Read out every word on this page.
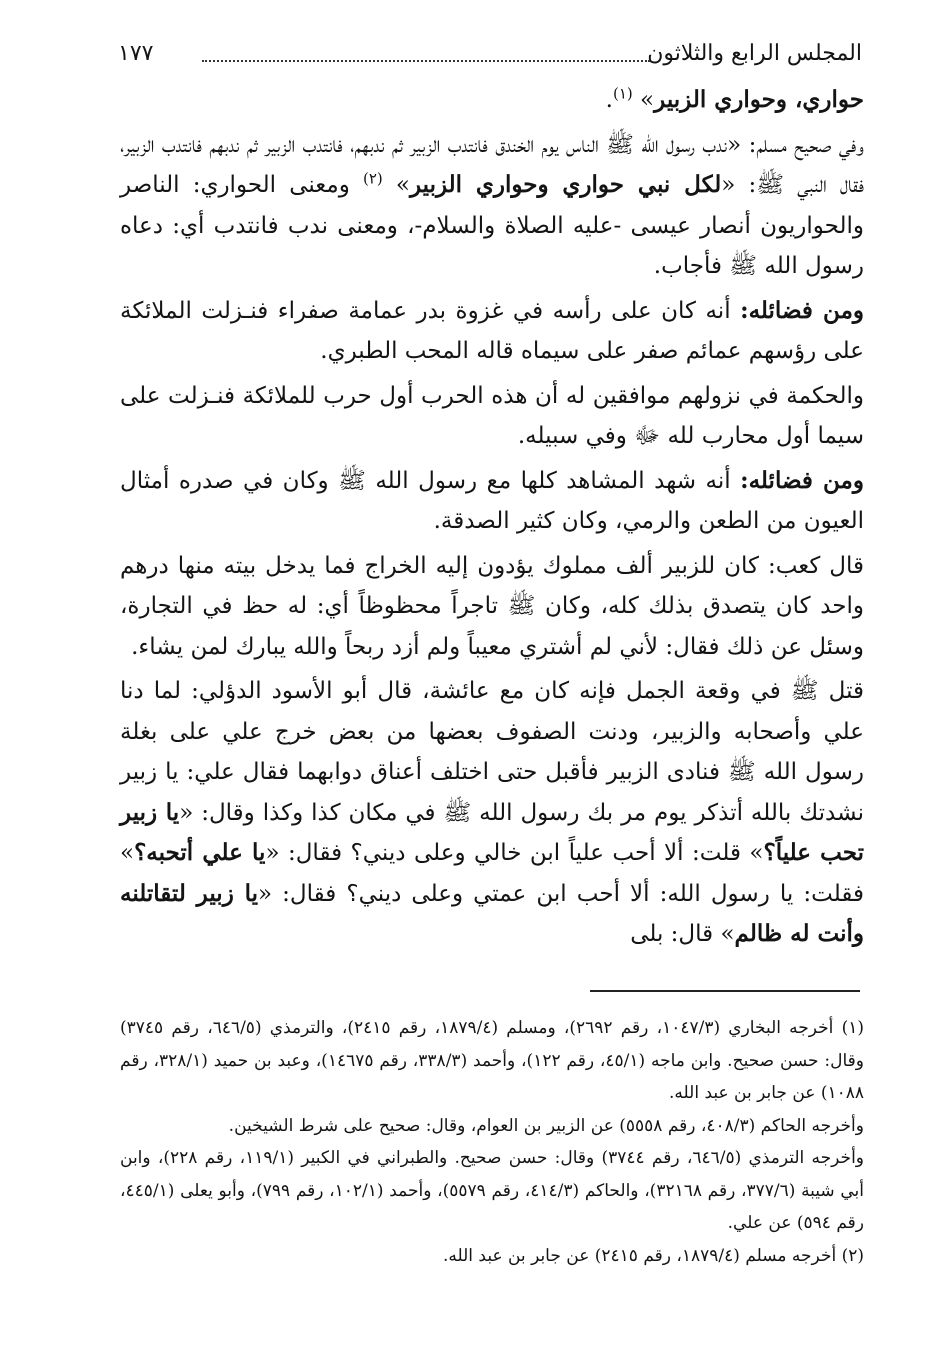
المجلس الرابع والثلاثون
١٧٧

حواري، وحواري الزبير» $^{(١)}$.

وفي صحيح مسلم: «ندب رسول الله ﷺ الناس يوم الخندق فانتدب الزبير ثم ندبهم، فانتدب الزبير ثم ندبهم فانتدب الزبير، فقال النبي ﷺ: «لكل نبي حواري وحواري الزبير» $^{(٢)}$ ومعنى الحواري: الناصر والحواريون أنصار عيسى -عليه الصلاة والسلام-، ومعنى ندب فانتدب أي: دعاه رسول الله ﷺ فأجاب.

ومن فضائله: أنه كان على رأسه في غزوة بدر عمامة صفراء فنـزلت الملائكة على رؤسهم عمائم صفر على سيماه قاله المحب الطبري.

والحكمة في نزولهم موافقين له أن هذه الحرب أول حرب للملائكة فنـزلت على سيما أول محارب لله ﷻ وفي سبيله.

ومن فضائله: أنه شهد المشاهد كلها مع رسول الله ﷺ وكان في صدره أمثال العيون من الطعن والرمي، وكان كثير الصدقة.

قال كعب: كان للزبير ألف مملوك يؤدون إليه الخراج فما يدخل بيته منها درهم واحد كان يتصدق بذلك كله، وكان ﷺ تاجراً محظوظاً أي: له حظ في التجارة، وسئل عن ذلك فقال: لأني لم أشتري معيباً ولم أزد ربحاً والله يبارك لمن يشاء.

قتل ﷺ في وقعة الجمل فإنه كان مع عائشة، قال أبو الأسود الدؤلي: لما دنا علي وأصحابه والزبير، ودنت الصفوف بعضها من بعض خرج علي على بغلة رسول الله ﷺ فنادى الزبير فأقبل حتى اختلف أعناق دوابهما فقال علي: يا زبير نشدتك بالله أتذكر يوم مر بك رسول الله ﷺ في مكان كذا وكذا وقال: «يا زبير تحب علياً؟» قلت: ألا أحب علياً ابن خالي وعلى ديني؟ فقال: «يا علي أتحبه؟» فقلت: يا رسول الله: ألا أحب ابن عمتي وعلى ديني؟ فقال: «يا زبير لتقاتلنه وأنت له ظالم» قال: بلى

(١) أخرجه البخاري (١٠٤٧/٣، رقم ٢٦٩٢)، ومسلم (١٨٧٩/٤، رقم ٢٤١٥)، والترمذي (٦٤٦/٥، رقم ٣٧٤٥) وقال: حسن صحيح. وابن ماجه (٤٥/١، رقم ١٢٢)، وأحمد (٣٣٨/٣، رقم ١٤٦٧٥)، وعبد بن حميد (٣٢٨/١، رقم ١٠٨٨) عن جابر بن عبد الله.

وأخرجه الحاكم (٤٠٨/٣، رقم ٥٥٥٨) عن الزبير بن العوام، وقال: صحيح على شرط الشيخين.

وأخرجه الترمذي (٦٤٦/٥، رقم ٣٧٤٤) وقال: حسن صحيح. والطبراني في الكبير (١١٩/١، رقم ٢٢٨)، وابن أبي شيبة (٣٧٧/٦، رقم ٣٢١٦٨)، والحاكم (٤١٤/٣، رقم ٥٥٧٩)، وأحمد (١٠٢/١، رقم ٧٩٩)، وأبو يعلى (٤٤٥/١، رقم ٥٩٤) عن علي.

(٢) أخرجه مسلم (١٨٧٩/٤، رقم ٢٤١٥) عن جابر بن عبد الله.
